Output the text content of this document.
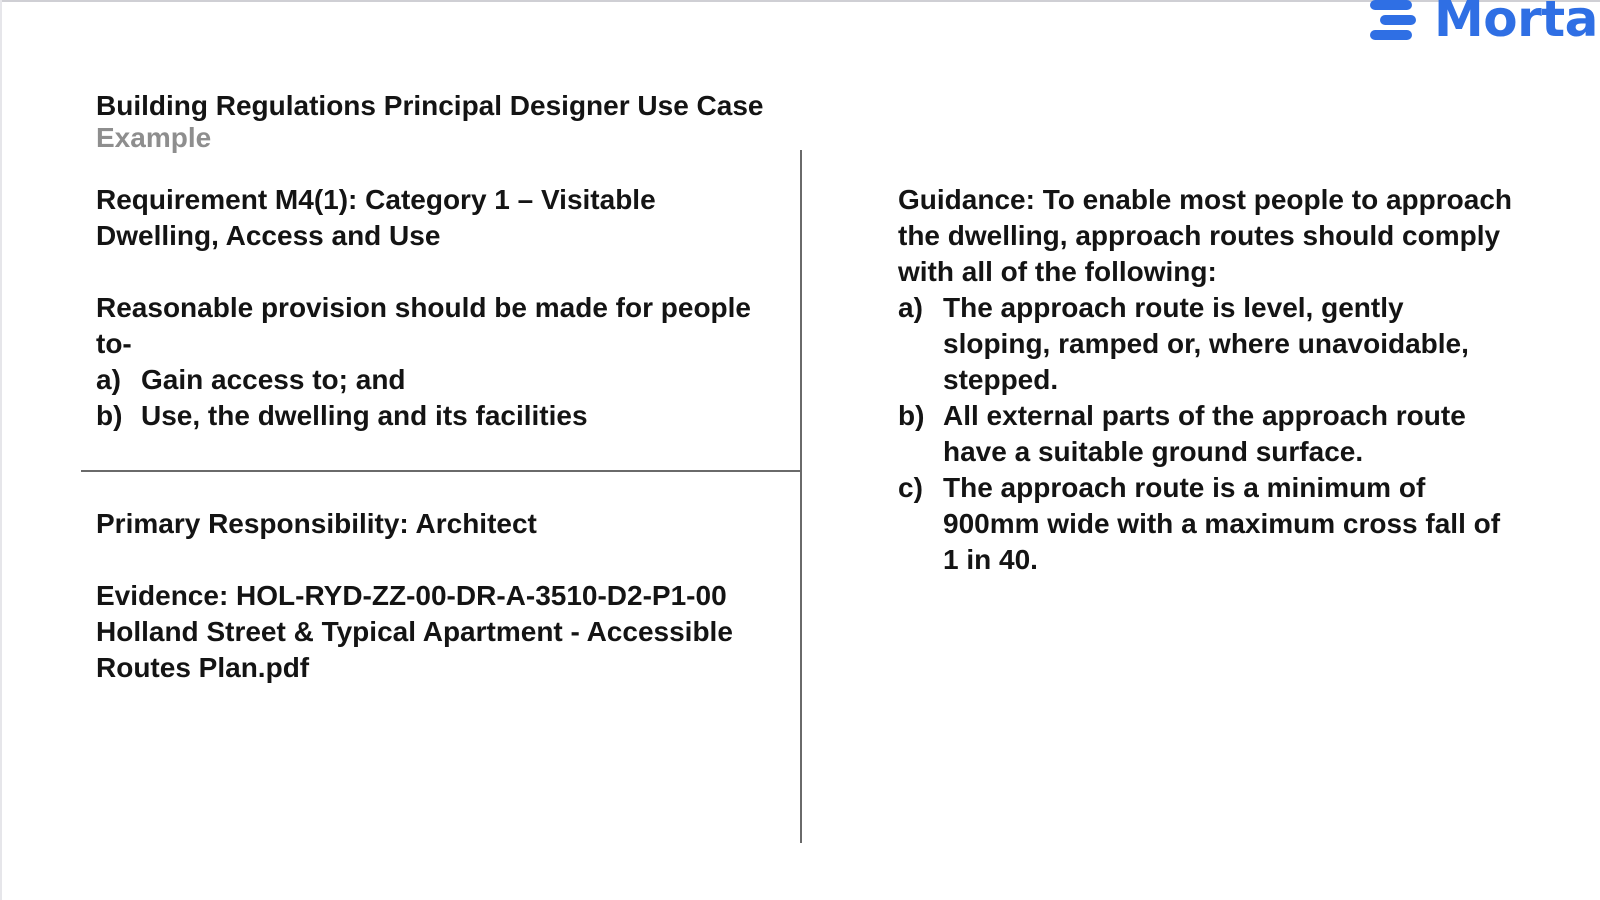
Morta
Building Regulations Principal Designer Use Case
Example

Requirement M4(1): Category 1 – Visitable Dwelling, Access and Use

Reasonable provision should be made for people to-

a) Gain access to; and
b) Use, the dwelling and its facilities

Primary Responsibility: Architect

Evidence: HOL-RYD-ZZ-00-DR-A-3510-D2-P1-00 Holland Street & Typical Apartment - Accessible Routes Plan.pdf

Guidance: To enable most people to approach the dwelling, approach routes should comply with all of the following:

a) The approach route is level, gently sloping, ramped or, where unavoidable, stepped.
b) All external parts of the approach route have a suitable ground surface.
c) The approach route is a minimum of 900mm wide with a maximum cross fall of 1 in 40.
